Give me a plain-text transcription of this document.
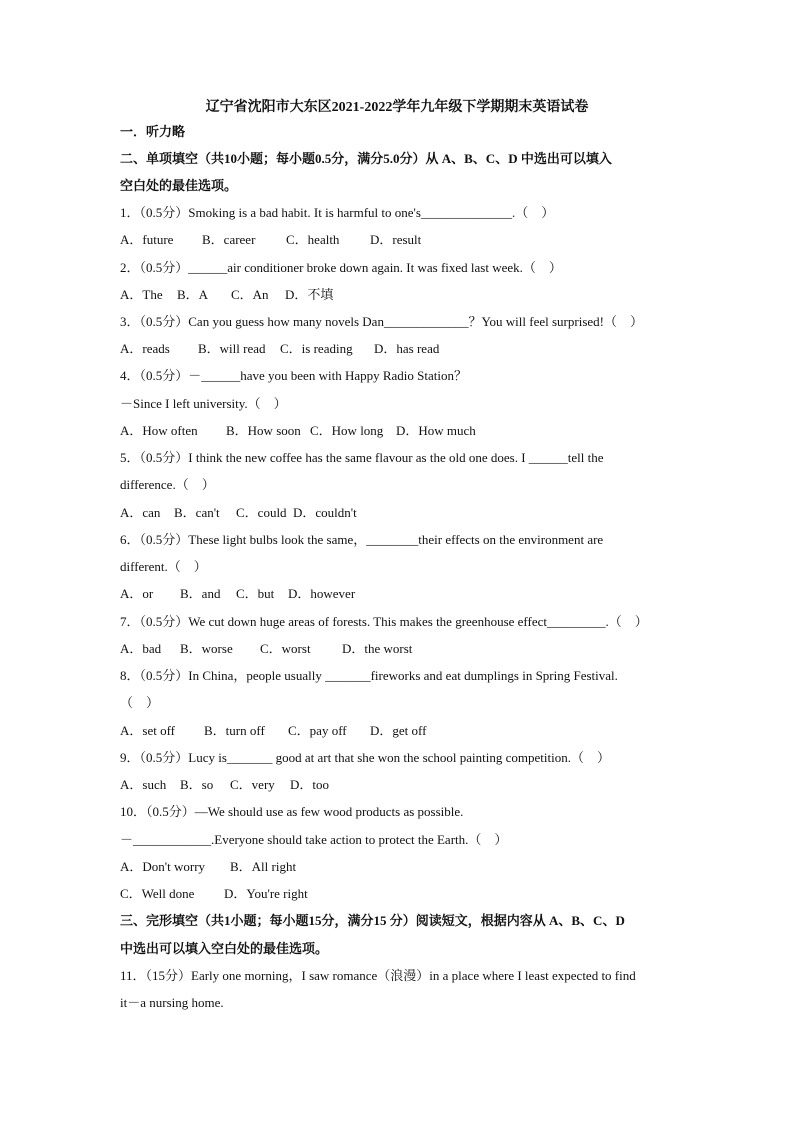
辽宁省沈阳市大东区2021-2022学年九年级下学期期末英语试卷
一．听力略
二、单项填空（共10小题；每小题0.5分，满分5.0分）从 A、B、C、D 中选出可以填入
空白处的最佳选项。
1．（0.5分）Smoking is a bad habit. It is harmful to one's______________.（　）
A．future B．career C．health D．result
2．（0.5分）______air conditioner broke down again. It was fixed last week.（　）
A．The B．A C．An D．不填
3．（0.5分）Can you guess how many novels Dan_____________？You will feel surprised!（　）
A．reads B．will read C．is reading D．has read
4．（0.5分）－______have you been with Happy Radio Station？
－Since I left university.（　）
A．How often B．How soon C．How long D．How much
5．（0.5分）I think the new coffee has the same flavour as the old one does. I ______tell the
difference.（　）
A．can B．can't C．could D．couldn't
6．（0.5分）These light bulbs look the same，________their effects on the environment are
different.（　）
A．or B．and C．but D．however
7．（0.5分）We cut down huge areas of forests. This makes the greenhouse effect_________.（　）
A．bad B．worse C．worst D．the worst
8．（0.5分）In China，people usually _______fireworks and eat dumplings in Spring Festival.
（　）
A．set off B．turn off C．pay off D．get off
9．（0.5分）Lucy is_______ good at art that she won the school painting competition.（　）
A．such B．so C．very D．too
10．（0.5分）—We should use as few wood products as possible.
－____________.Everyone should take action to protect the Earth.（　）
A．Don't worry B．All right
C．Well done D．You're right
三、完形填空（共1小题；每小题15分，满分15 分）阅读短文，根据内容从 A、B、C、D
中选出可以填入空白处的最佳选项。
11．（15分）Early one morning，I saw romance（浪漫）in a place where I least expected to find
it－a nursing home.
